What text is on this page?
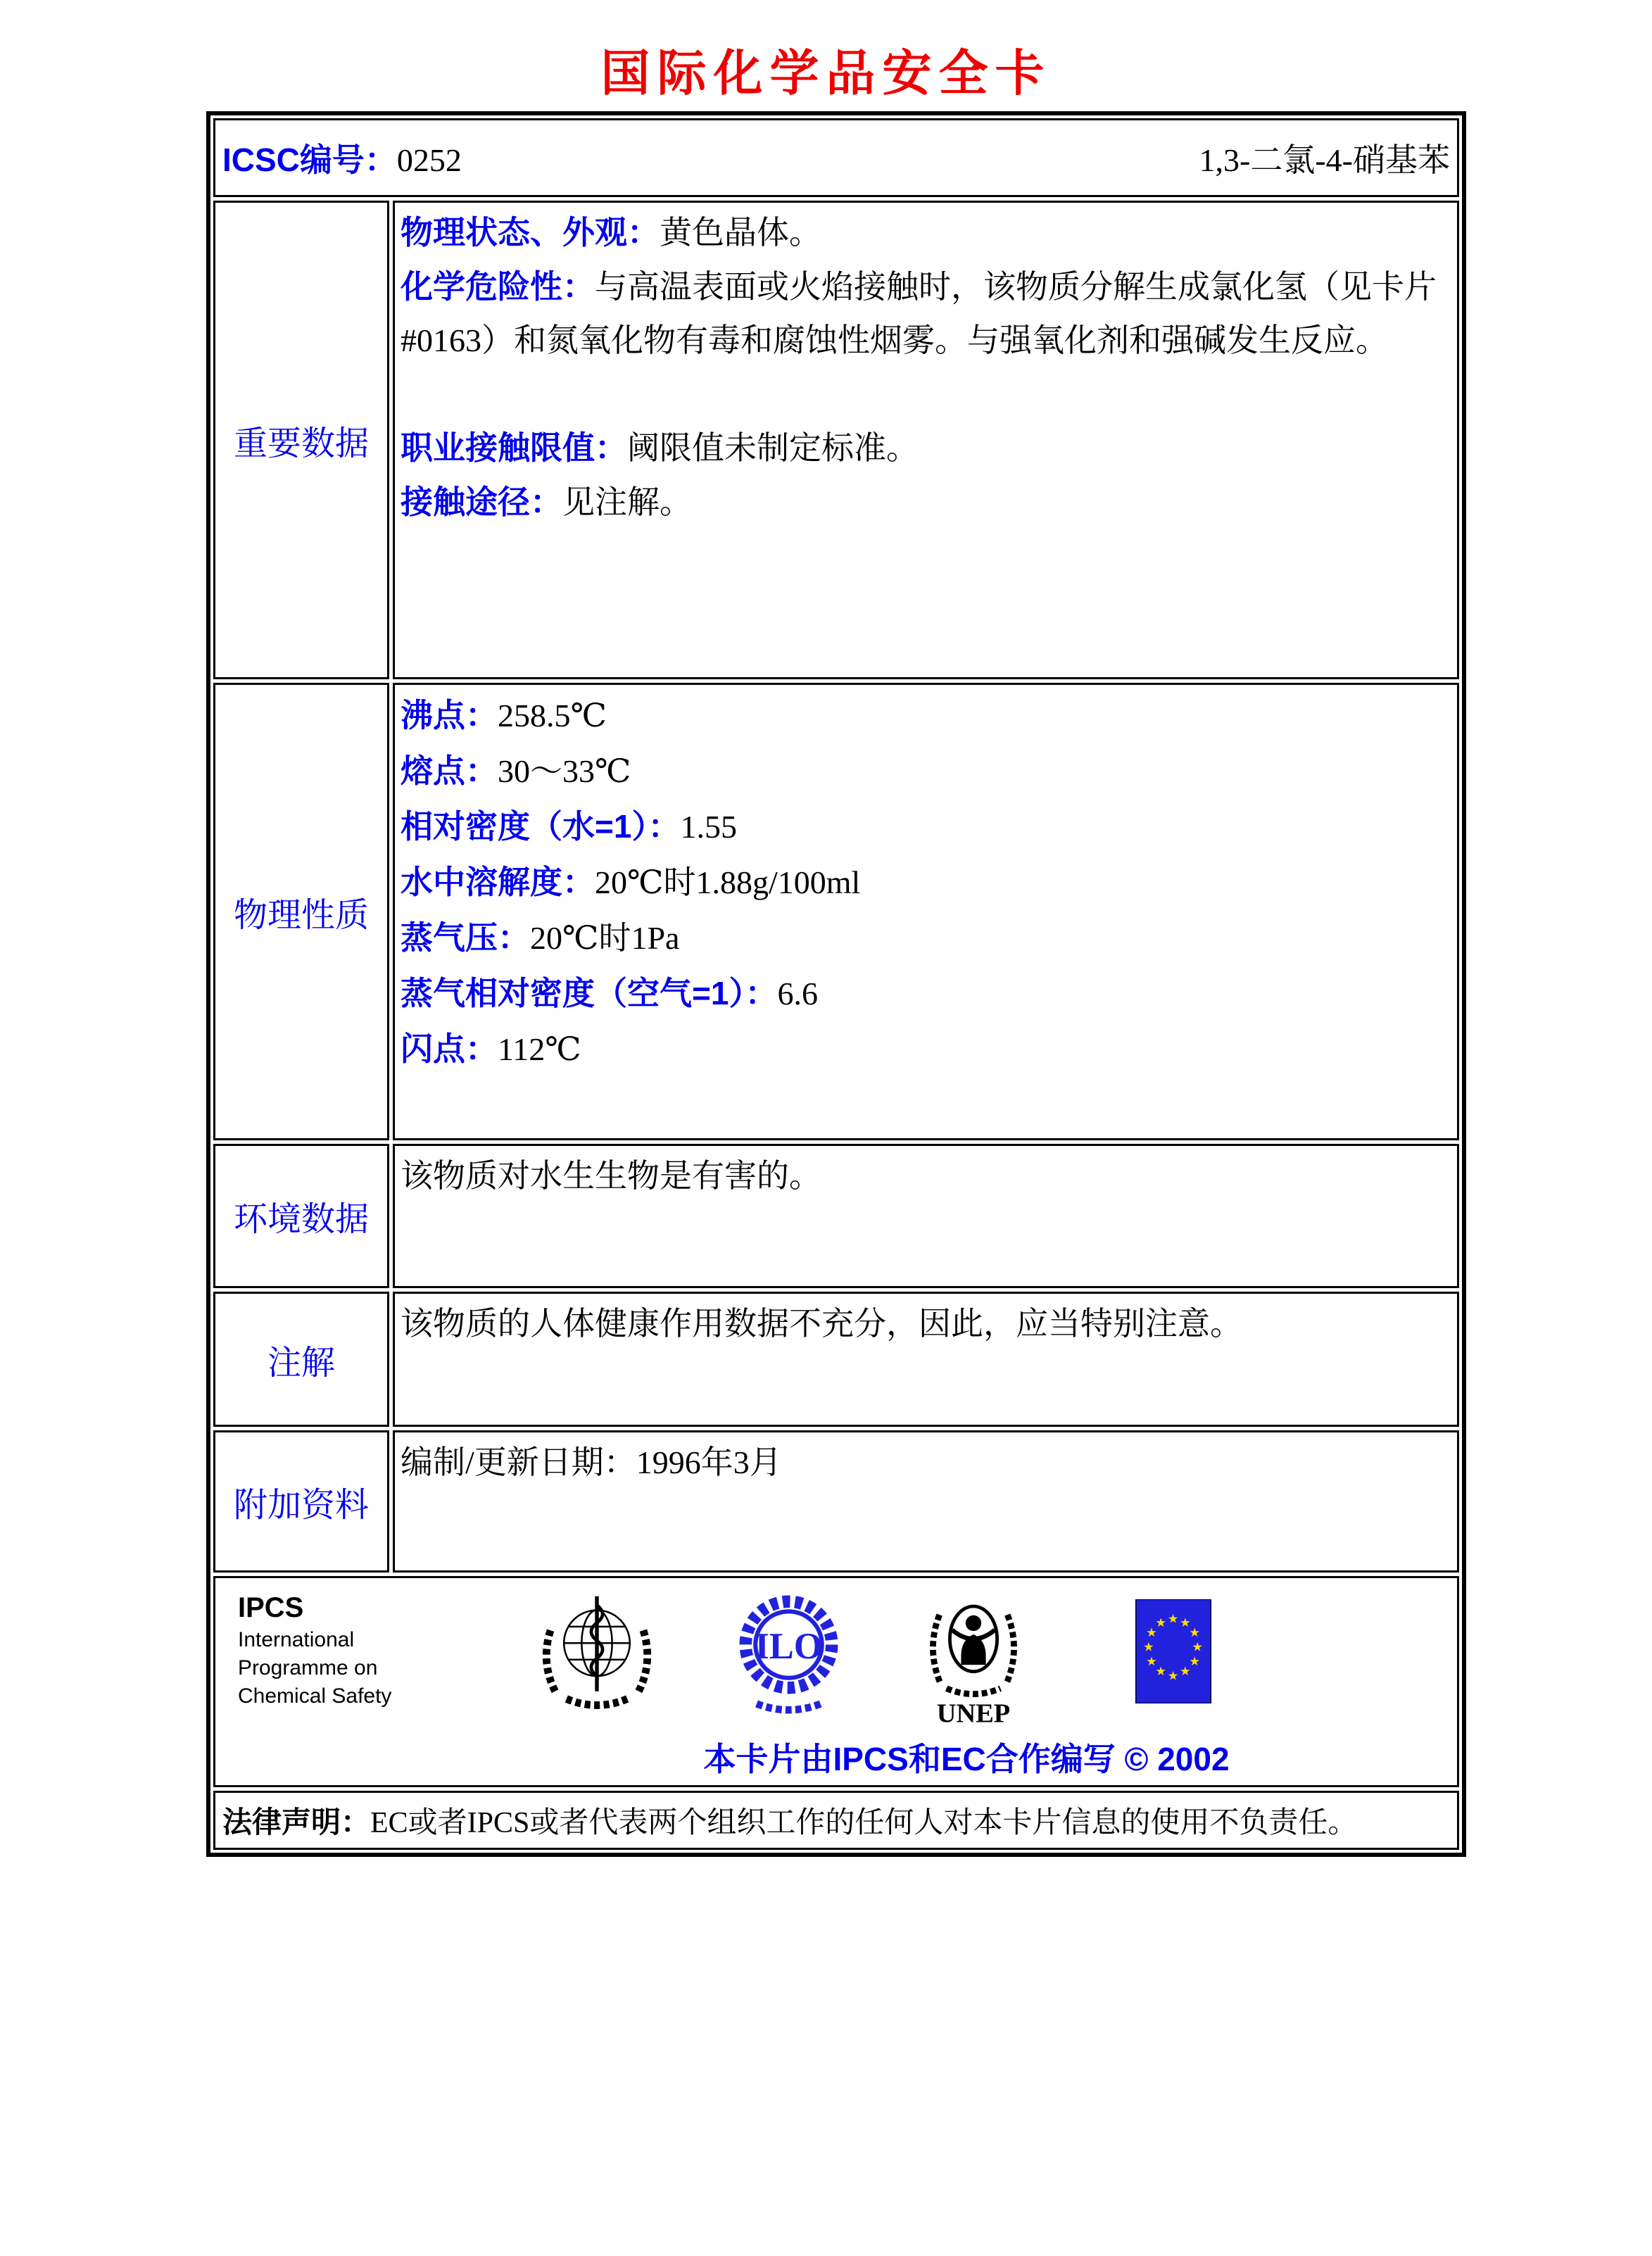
国际化学品安全卡
ICSC编号：0252	1,3-二氯-4-硝基苯
重要数据

物理状态、外观：黄色晶体。

化学危险性：与高温表面或火焰接触时，该物质分解生成氯化氢（见卡片#0163）和氮氧化物有毒和腐蚀性烟雾。与强氧化剂和强碱发生反应。

职业接触限值：阈限值未制定标准。

接触途径：见注解。

物理性质

沸点：258.5℃

熔点：30～33℃

相对密度（水=1）：1.55

水中溶解度：20℃时1.88g/100ml

蒸气压：20℃时1Pa

蒸气相对密度（空气=1）：6.6

闪点：112℃

环境数据

该物质对水生生物是有害的。

注解

该物质的人体健康作用数据不充分，因此，应当特别注意。

附加资料

编制/更新日期：1996年3月

IPCS
International
Programme on
Chemical Safety
ILO
UNEP
★ ★
★
★
★
★
★
★
★
★
★
★
本卡片由IPCS和EC合作编写 © 2002
法律声明： EC或者IPCS或者代表两个组织工作的任何人对本卡片信息的使用不负责任。
